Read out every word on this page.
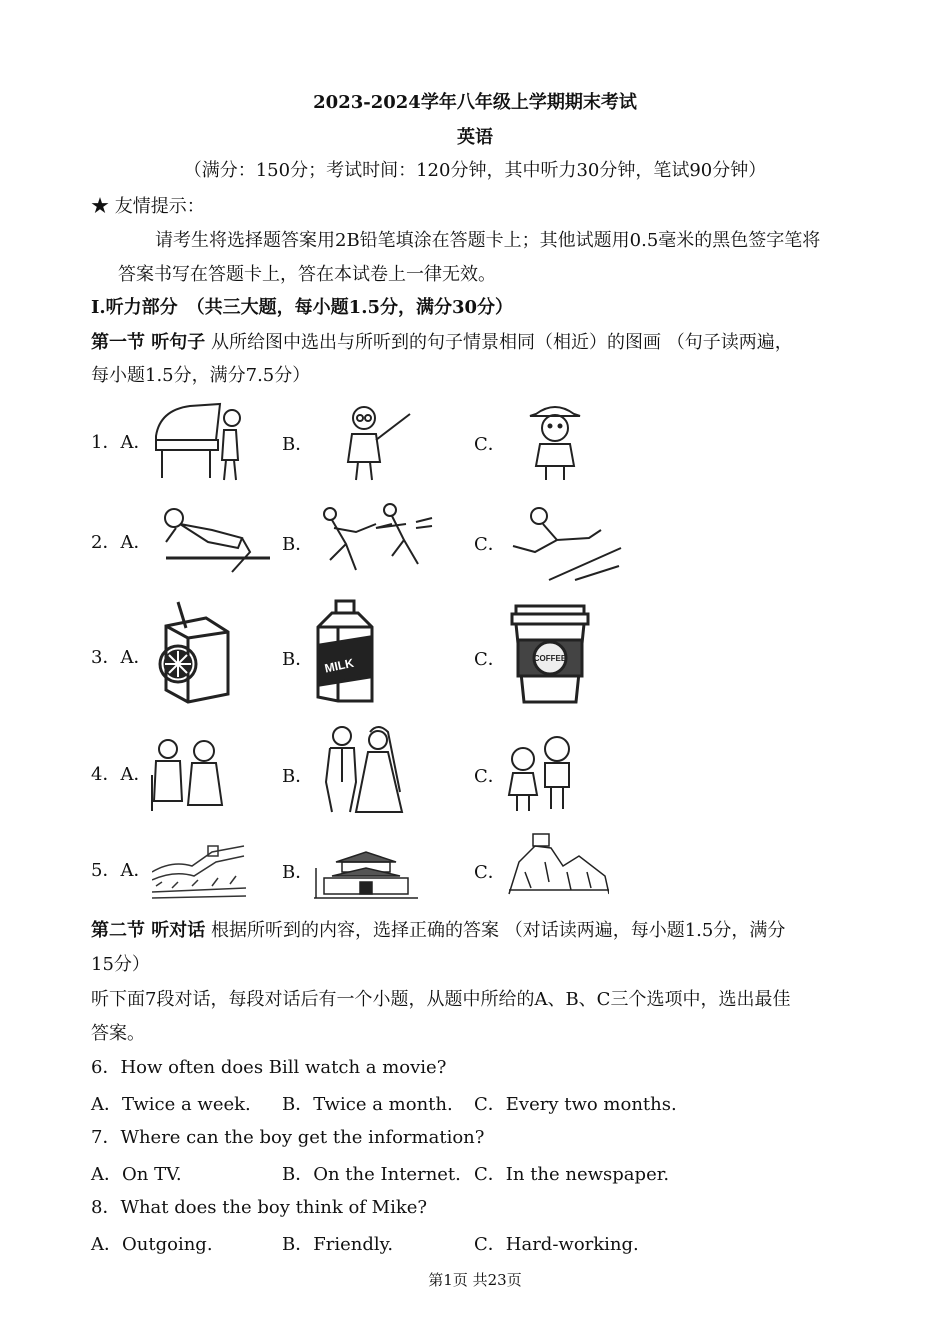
2023-2024学年八年级上学期期末考试
英语
（满分：150分；考试时间：120分钟，其中听力30分钟，笔试90分钟）
★ 友情提示：
请考生将选择题答案用2B铅笔填涂在答题卡上；其他试题用0.5毫米的黑色签字笔将
答案书写在答题卡上，答在本试卷上一律无效。
I.听力部分　（共三大题，每小题1.5分，满分30分）
第一节 听句子 从所给图中选出与所听到的句子情景相同（相近）的图画 （句子读两遍，
每小题1.5分，满分7.5分）
1．A．	B．	C．
2．A．	B．	C．
3．A．	B．	C．
MILK	COFFEE
4．A．	B．	C．
5．A．	B．	C．
第二节 听对话 根据所听到的内容，选择正确的答案 （对话读两遍，每小题1.5分，满分
15分）
听下面7段对话，每段对话后有一个小题，从题中所给的A、B、C三个选项中，选出最佳
答案。
6．How often does Bill watch a movie?
A．Twice a week. B．Twice a month. C．Every two months.
7．Where can the boy get the information?
A．On TV.	B．On the Internet. C．In the newspaper.
8．What does the boy think of Mike?
A．Outgoing.	B．Friendly.	C．Hard-working.
第1页 共23页
